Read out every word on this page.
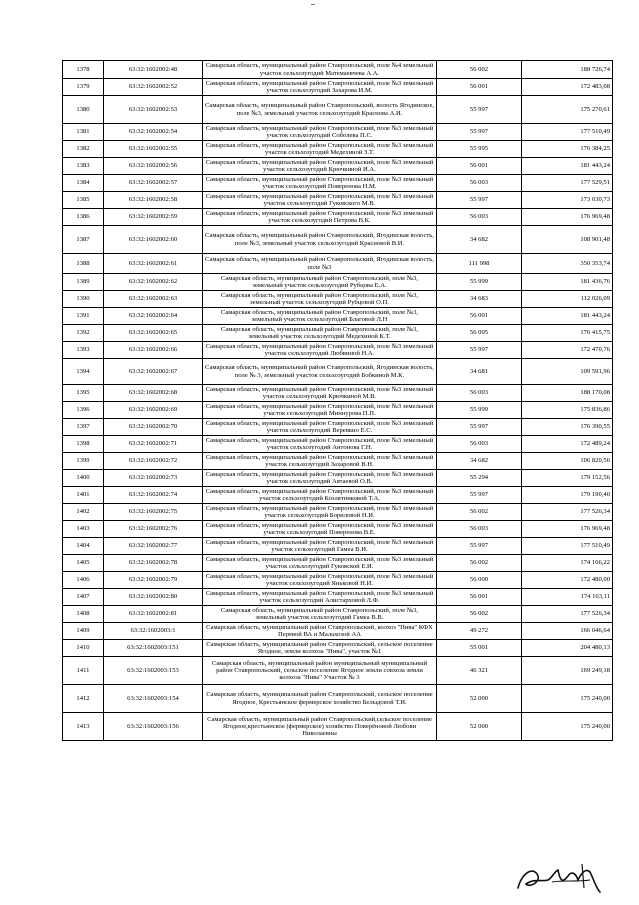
1378	63:32:1602002:48	Самарская область, муниципальный район Ставропольский, поле №4 земельный участок сельхозугодий Матемаевчева А.А.	56 002	188 726,74
1379	63:32:1602002:52	Самарская область, муниципальный район Ставропольский, поле №3 земельный участок сельхозугодий Захарова И.М.	56 001	172 483,08
1380	63:32:1602002:53	Самарская область, муниципальный район Ставропольский, волость Ягодинское, поле №3, земельный участок сельхозугодий Краснова А.И.	55 997	175 270,61
1381	63:32:1602002:54	Самарская область, муниципальный район Ставропольский, поле №3 земельный участок сельхозугодий Соболева П.С.	55 997	177 510,49
1382	63:32:1602002:55	Самарская область, муниципальный район Ставропольский, поле №3 земельный участок сельхозугодий Медехиной З.Т.	55 995	176 384,25
1383	63:32:1602002:56	Самарская область, муниципальный район Ставропольский, поле №3 земельный участок сельхозугодий Крючкиной И.А.	56 001	181 443,24
1384	63:32:1602002:57	Самарская область, муниципальный район Ставропольский, поле №3 земельный участок сельхозугодий Поверенова Н.М.	56 003	177 529,51
1385	63:32:1602002:58	Самарская область, муниципальный район Ставропольский, поле №3 земельный участок сельхозугодий Гуковского М.В.	55 997	173 030,73
1386	63:32:1602002:59	Самарская область, муниципальный район Ставропольский, поле №3 земельный участок сельхозугодий Петрова В.К.	56 003	176 969,48
1387	63:32:1602002:60	Самарская область, муниципальный район Ставропольский, Ягодинская волость, поле №3, земельный участок сельхозугодий Красновой В.И.	34 682	108 901,48
1388	63:32:1602002:61	Самарская область, муниципальный район Ставропольский, Ягодинская волость, поле №3	111 998	350 353,74
1389	63:32:1602002:62	Самарская область, муниципальный район Ставропольский, поле №3, земельный участок сельхозугодий Рубцова Е.А.	55 999	181 436,76
1390	63:32:1602002:63	Самарская область, муниципальный район Ставропольский, поле №3, земельный участок сельхозугодий Рубцовой О.П.	34 683	112 026,09
1391	63:32:1602002:64	Самарская область, муниципальный район Ставропольский, поле №3, земельный участок сельхозугодий Благовой Л.Н	56 001	181 443,24
1392	63:32:1602002:65	Самарская область, муниципальный район Ставропольский, поле №3, земельный участок сельхозугодий Медехиной К.Т.	56 005	176 415,75
1393	63:32:1602002:66	Самарская область, муниципальный район Ставропольский, поле №3 земельный участок сельхозугодий Любвиной Н.А.	55 997	172 470,76
1394	63:32:1602002:67	Самарская область, муниципальный район Ставропольский, Ягодинская волость, поле № 3, земельный участок сельхозугодий Бобкиной М.К.	34 681	109 591,96
1395	63:32:1602002:68	Самарская область, муниципальный район Ставропольский, поле №3 земельный участок сельхозугодий Крючкиной М.В.	56 003	188 170,08
1396	63:32:1602002:69	Самарская область, муниципальный район Ставропольский, поле №3 земельный участок сельхозугодий Миннурова П.П.	55 999	175 836,86
1397	63:32:1602002:70	Самарская область, муниципальный район Ставропольский, поле №3 земельный участок сельхозугодий Веревкио Е.С.	55 997	176 390,55
1398	63:32:1602002:71	Самарская область, муниципальный район Ставропольский, поле №3 земельный участок сельхозугодий Антонова Г.Н.	56 003	172 489,24
1399	63:32:1602002:72	Самарская область, муниципальный район Ставропольский, поле №3 земельный участок сельхозугодий Захаровой В.Н.	34 682	106 820,56
1400	63:32:1602002:73	Самарская область, муниципальный район Ставропольский, поле №3 земельный участок сельхозугодий Автаевой О.В.	55 294	179 152,56
1401	63:32:1602002:74	Самарская область, муниципальный район Ставропольский, поле №3 земельный участок сельхозугодий Козлятниковой Т.А.	55 997	179 190,40
1402	63:32:1602002:75	Самарская область, муниципальный район Ставропольский, поле №3 земельный участок сельхозугодий Бориловой Н.И.	56 002	177 526,34
1403	63:32:1602002:76	Самарская область, муниципальный район Ставропольский, поле №3 земельный участок сельхозугодий Поверенова В.Е.	56 003	176 969,48
1404	63:32:1602002:77	Самарская область, муниципальный район Ставропольский, поле №3 земельный участок сельхозугодий Гамеа В.И.	55 997	177 510,49
1405	63:32:1602002:78	Самарская область, муниципальный район Ставропольский, поле №3 земельный участок сельхозугодий Гуковской Е.И.	56 002	174 166,22
1406	63:32:1602002:79	Самарская область, муниципальный район Ставропольский, поле №3 земельный участок сельхозугодий Яньковой Н.И.	56 000	172 480,00
1407	63:32:1602002:80	Самарская область, муниципальный район Ставропольский, поле №3 земельный участок сельхозугодий Алистарховой Л.Ф.	56 001	174 163,11
1408	63:32:1602002:81	Самарская область, муниципальный район Ставропольский, поле №3, земельный участок сельхозугодий Гамеа В.В.	56 002	177 526,34
1409	63:32:1602003:1	Самарская область, муниципальный район Ставропольский, колхоз "Нива" КФХ Перевой ВА и Малахозой АА	49 272	166 046,64
1410	63:32:1602003:151	Самарская область, муниципальный район Ставропольский, сельское поселение Ягодное, земли колхоза "Нива", участок №1	55 001	204 480,13
1411	63:32:1602003:153	Самарская область, муниципальный район муниципальный муниципальный район Ставропольский, сельское поселение Ягодное земли совхоза земли колхоза "Нива" Участок № 3	46 321	169 249,18
1412	63:32:1602003:154	Самарская область, муниципальный район Ставропольский, сельское поселение Ягодное, Крестьянское фермерское хозяйство Белыдовой Т.И.	52 000	175 240,00
1413	63:32:1602003:156	Самарская область, муниципальный район Ставропольский,сельское поселение Ягодное,крестьянское (фермерское) хозяйство Поверёновой Любови Николаевны	52 000	175 240,00
